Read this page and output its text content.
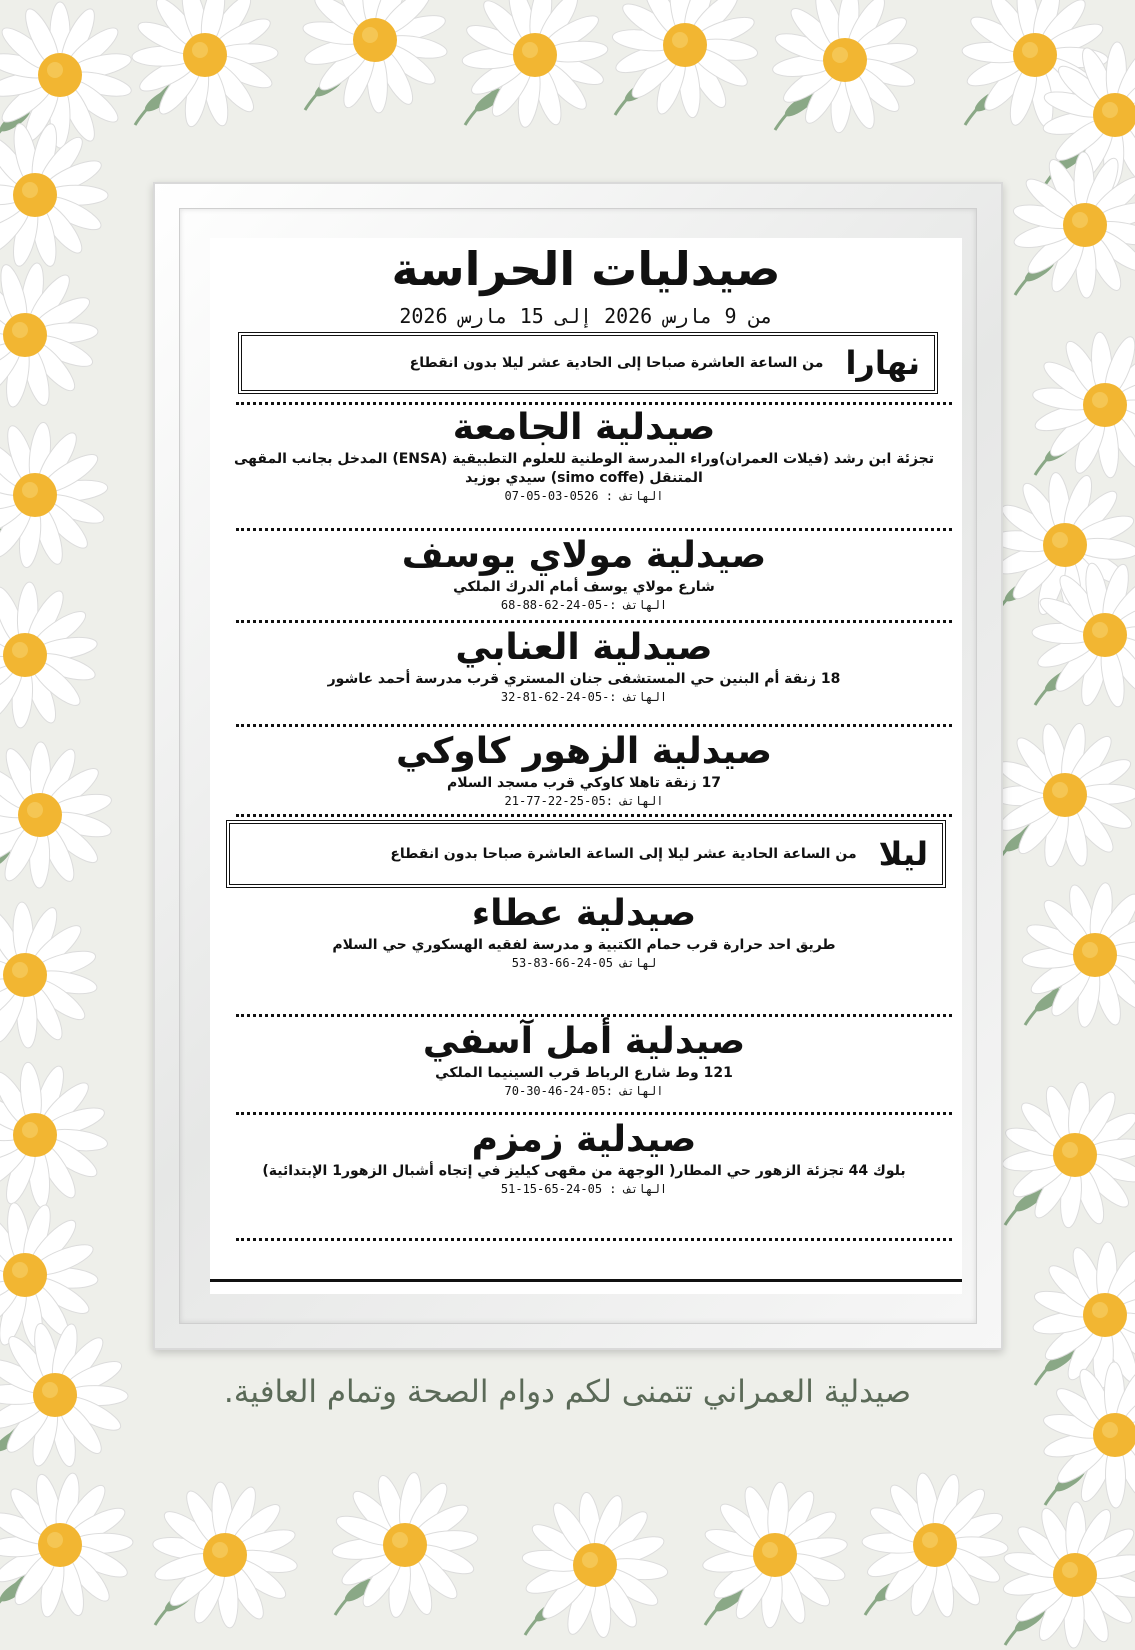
صيدليات الحراسة
من 9 مارس 2026 إلى 15 مارس 2026
نهارا
من الساعة العاشرة صباحا إلى الحادية عشر ليلا بدون انقطاع
صيدلية الجامعة
تجزئة ابن رشد (فيلات العمران)وراء المدرسة الوطنية للعلوم التطبيقية (ENSA) المدخل بجانب المقهى المتنقل (simo coffe) سيدي بوزيد
الهاتف : 0526-03-05-07
صيدلية مولاي يوسف
شارع مولاي يوسف أمام الدرك الملكي
الهاتف :-05-24-62-88-68
صيدلية العنابي
18 زنقة أم البنين حي المستشفى جنان المستري قرب مدرسة أحمد عاشور
الهاتف :-05-24-62-81-32
صيدلية الزهور كاوكي
17 زنقة تاهلا كاوكي قرب مسجد السلام
الهاتف :05-25-22-77-21
ليلا
من الساعة الحادية عشر ليلا إلى الساعة العاشرة صباحا بدون انقطاع
صيدلية عطاء
طريق احد حرارة قرب حمام الكتبية و مدرسة لفقيه الهسكوري حي السلام
لهاتف 05-24-66-83-53
صيدلية أمل آسفي
121 وط شارع الرباط قرب السينيما الملكي
الهاتف :05-24-46-30-70
صيدلية زمزم
بلوك 44 تجزئة الزهور حي المطار( الوجهة من مقهى كيليز في إتجاه أشبال الزهور1 الإبتدائية)
الهاتف : 05-24-65-15-51
صيدلية العمراني تتمنى لكم دوام الصحة وتمام العافية.
